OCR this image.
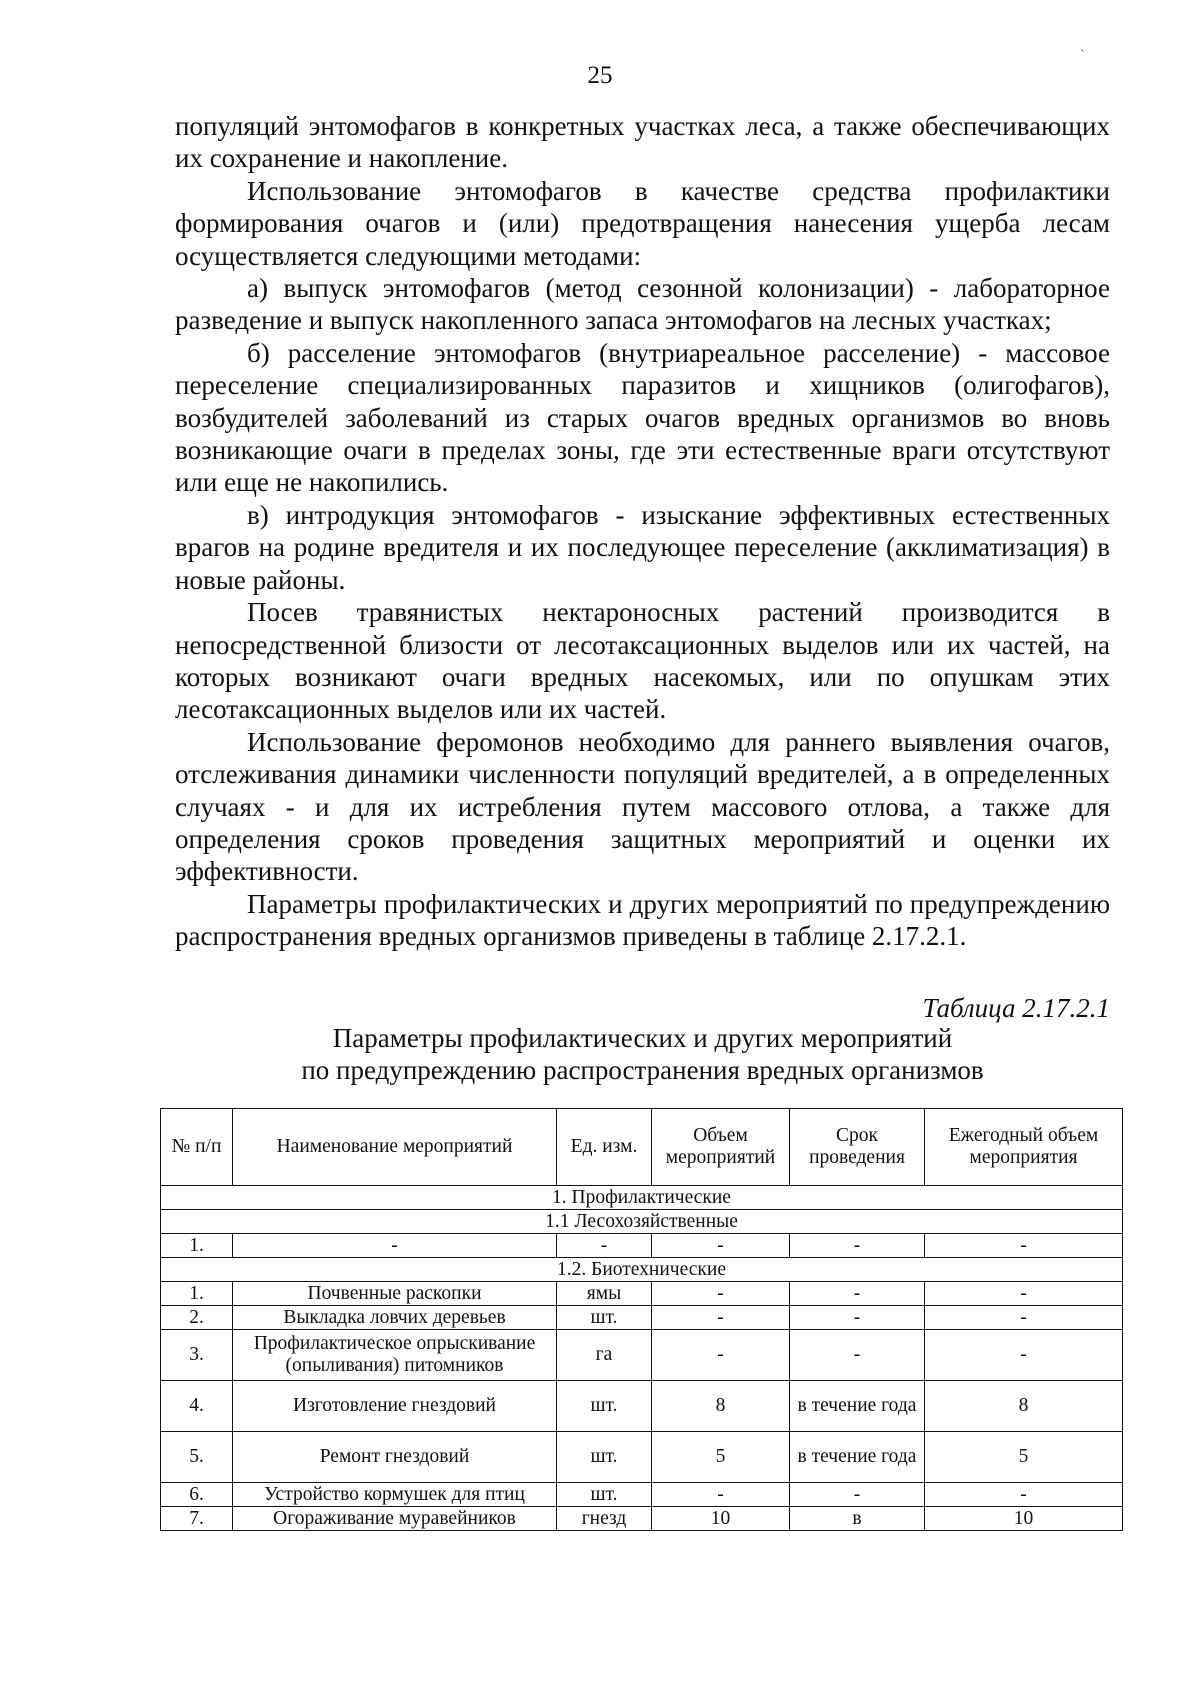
`
25

популяций энтомофагов в конкретных участках леса, а также обеспечивающих их сохранение и накопление.

Использование энтомофагов в качестве средства профилактики формирования очагов и (или) предотвращения нанесения ущерба лесам осуществляется следующими методами:

а) выпуск энтомофагов (метод сезонной колонизации) - лабораторное разведение и выпуск накопленного запаса энтомофагов на лесных участках;

б) расселение энтомофагов (внутриареальное расселение) - массовое переселение специализированных паразитов и хищников (олигофагов), возбудителей заболеваний из старых очагов вредных организмов во вновь возникающие очаги в пределах зоны, где эти естественные враги отсутствуют или еще не накопились.

в) интродукция энтомофагов - изыскание эффективных естественных врагов на родине вредителя и их последующее переселение (акклиматизация) в новые районы.

Посев травянистых нектароносных растений производится в непосредственной близости от лесотаксационных выделов или их частей, на которых возникают очаги вредных насекомых, или по опушкам этих лесотаксационных выделов или их частей.

Использование феромонов необходимо для раннего выявления очагов, отслеживания динамики численности популяций вредителей, а в определенных случаях - и для их истребления путем массового отлова, а также для определения сроков проведения защитных мероприятий и оценки их эффективности.

Параметры профилактических и других мероприятий по предупреждению распространения вредных организмов приведены в таблице 2.17.2.1.

Таблица 2.17.2.1
Параметры профилактических и других мероприятий
по предупреждению распространения вредных организмов
№ п/п	Наименование мероприятий	Ед. изм.	Объем мероприятий	Срок проведения	Ежегодный объем мероприятия
1. Профилактические					
1.1 Лесохозяйственные					
1.	-	-	-	-	-
1.2. Биотехнические					
1.	Почвенные раскопки	ямы	-	-	-
2.	Выкладка ловчих деревьев	шт.	-	-	-
3.	Профилактическое опрыскивание (опыливания) питомников	га	-	-	-
4.	Изготовление гнездовий	шт.	8	в течение года	8
5.	Ремонт гнездовий	шт.	5	в течение года	5
6.	Устройство кормушек для птиц	шт.	-	-	-
7.	Огораживание муравейников	гнезд	10	в	10
